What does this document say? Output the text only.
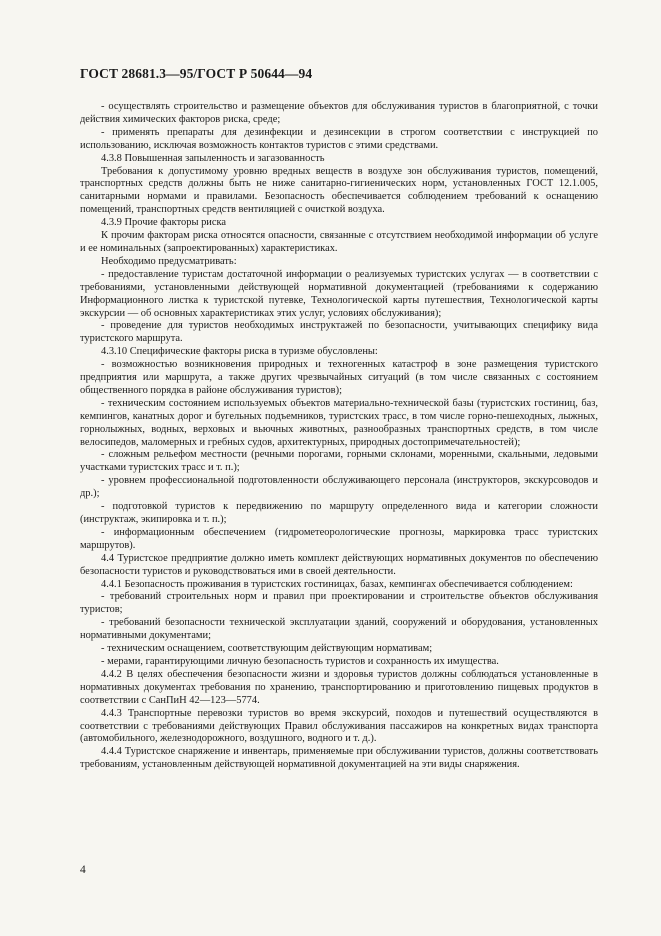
ГОСТ 28681.3—95/ГОСТ Р 50644—94

- осуществлять строительство и размещение объектов для обслуживания туристов в благоприятной, с точки действия химических факторов риска, среде;

- применять препараты для дезинфекции и дезинсекции в строгом соответствии с инструкцией по использованию, исключая возможность контактов туристов с этими средствами.

4.3.8 Повышенная запыленность и загазованность

Требования к допустимому уровню вредных веществ в воздухе зон обслуживания туристов, помещений, транспортных средств должны быть не ниже санитарно-гигиенических норм, установленных ГОСТ 12.1.005, санитарными нормами и правилами. Безопасность обеспечивается соблюдением требований к оснащению помещений, транспортных средств вентиляцией с очисткой воздуха.

4.3.9 Прочие факторы риска

К прочим факторам риска относятся опасности, связанные с отсутствием необходимой информации об услуге и ее номинальных (запроектированных) характеристиках.

Необходимо предусматривать:

- предоставление туристам достаточной информации о реализуемых туристских услугах — в соответствии с требованиями, установленными действующей нормативной документацией (требованиями к содержанию Информационного листка к туристской путевке, Технологической карты путешествия, Технологической карты экскурсии — об основных характеристиках этих услуг, условиях обслуживания);

- проведение для туристов необходимых инструктажей по безопасности, учитывающих специфику вида туристского маршрута.

4.3.10 Специфические факторы риска в туризме обусловлены:

- возможностью возникновения природных и техногенных катастроф в зоне размещения туристского предприятия или маршрута, а также других чрезвычайных ситуаций (в том числе связанных с состоянием общественного порядка в районе обслуживания туристов);

- техническим состоянием используемых объектов материально-технической базы (туристских гостиниц, баз, кемпингов, канатных дорог и бугельных подъемников, туристских трасс, в том числе горно-пешеходных, лыжных, горнолыжных, водных, верховых и вьючных животных, разнообразных транспортных средств, в том числе велосипедов, маломерных и гребных судов, архитектурных, природных достопримечательностей);

- сложным рельефом местности (речными порогами, горными склонами, моренными, скальными, ледовыми участками туристских трасс и т. п.);

- уровнем профессиональной подготовленности обслуживающего персонала (инструкторов, экскурсоводов и др.);

- подготовкой туристов к передвижению по маршруту определенного вида и категории сложности (инструктаж, экипировка и т. п.);

- информационным обеспечением (гидрометеорологические прогнозы, маркировка трасс туристских маршрутов).

4.4 Туристское предприятие должно иметь комплект действующих нормативных документов по обеспечению безопасности туристов и руководствоваться ими в своей деятельности.

4.4.1 Безопасность проживания в туристских гостиницах, базах, кемпингах обеспечивается соблюдением:

- требований строительных норм и правил при проектировании и строительстве объектов обслуживания туристов;

- требований безопасности технической эксплуатации зданий, сооружений и оборудования, установленных нормативными документами;

- техническим оснащением, соответствующим действующим нормативам;

- мерами, гарантирующими личную безопасность туристов и сохранность их имущества.

4.4.2 В целях обеспечения безопасности жизни и здоровья туристов должны соблюдаться установленные в нормативных документах требования по хранению, транспортированию и приготовлению пищевых продуктов в соответствии с СанПиН 42—123—5774.

4.4.3 Транспортные перевозки туристов во время экскурсий, походов и путешествий осуществляются в соответствии с требованиями действующих Правил обслуживания пассажиров на конкретных видах транспорта (автомобильного, железнодорожного, воздушного, водного и т. д.).

4.4.4 Туристское снаряжение и инвентарь, применяемые при обслуживании туристов, должны соответствовать требованиям, установленным действующей нормативной документацией на эти виды снаряжения.

4
